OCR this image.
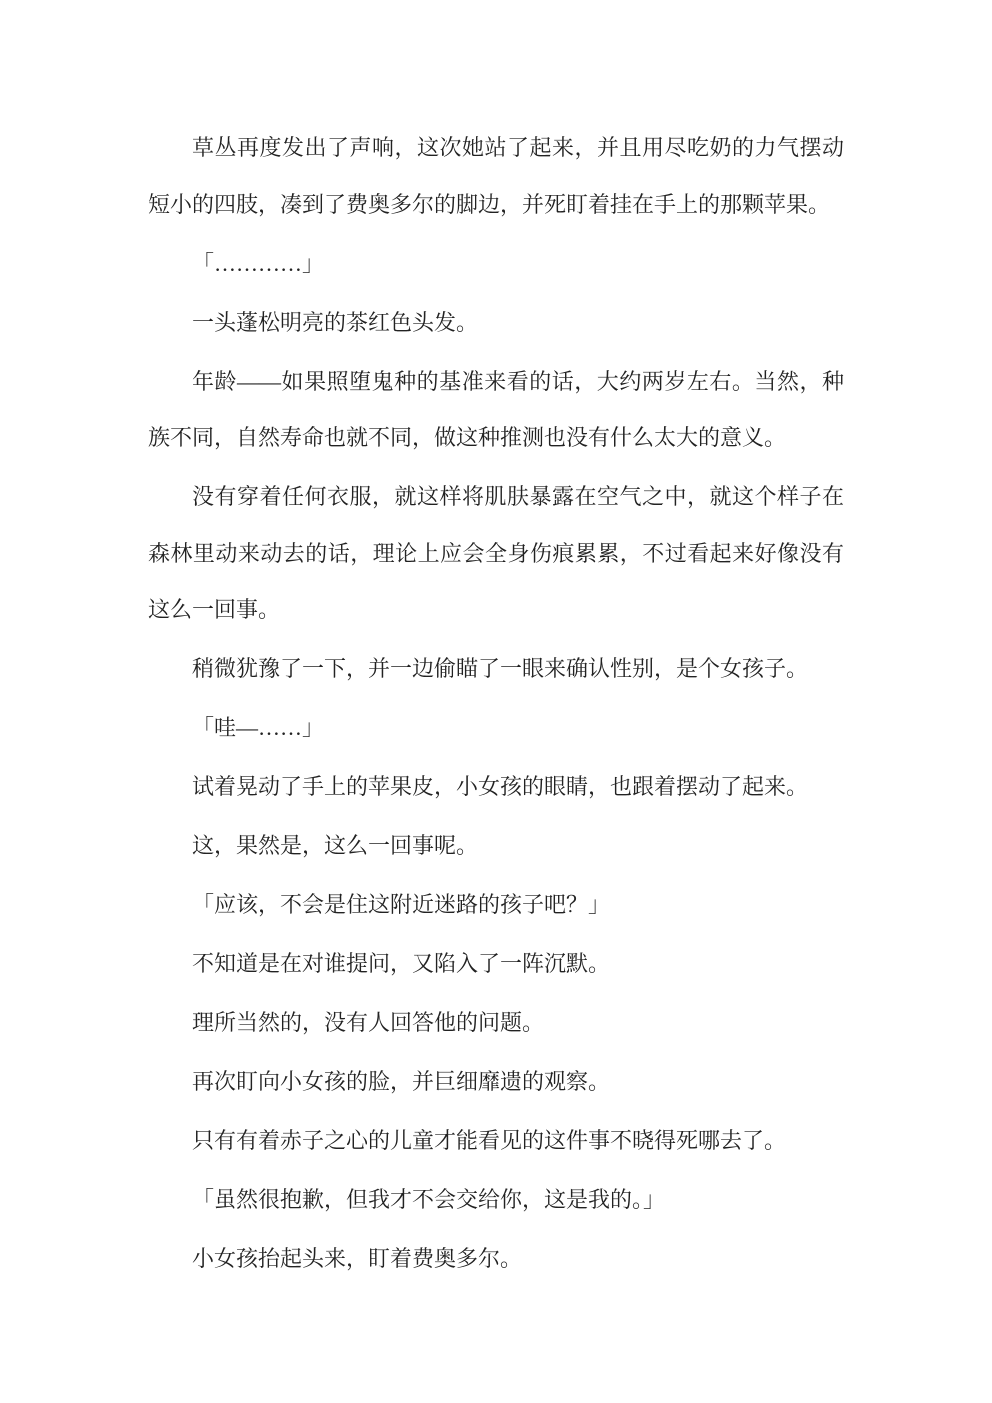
草丛再度发出了声响，这次她站了起来，并且用尽吃奶的力气摆动短小的四肢，凑到了费奥多尔的脚边，并死盯着挂在手上的那颗苹果。

「…………」

一头蓬松明亮的茶红色头发。

年龄——如果照堕鬼种的基准来看的话，大约两岁左右。当然，种族不同，自然寿命也就不同，做这种推测也没有什么太大的意义。

没有穿着任何衣服，就这样将肌肤暴露在空气之中，就这个样子在森林里动来动去的话，理论上应会全身伤痕累累，不过看起来好像没有这么一回事。

稍微犹豫了一下，并一边偷瞄了一眼来确认性别，是个女孩子。

「哇—……」

试着晃动了手上的苹果皮，小女孩的眼睛，也跟着摆动了起来。

这，果然是，这么一回事呢。

「应该，不会是住这附近迷路的孩子吧？」

不知道是在对谁提问，又陷入了一阵沉默。

理所当然的，没有人回答他的问题。

再次盯向小女孩的脸，并巨细靡遗的观察。

只有有着赤子之心的儿童才能看见的这件事不晓得死哪去了。

「虽然很抱歉，但我才不会交给你，这是我的。」

小女孩抬起头来，盯着费奥多尔。
